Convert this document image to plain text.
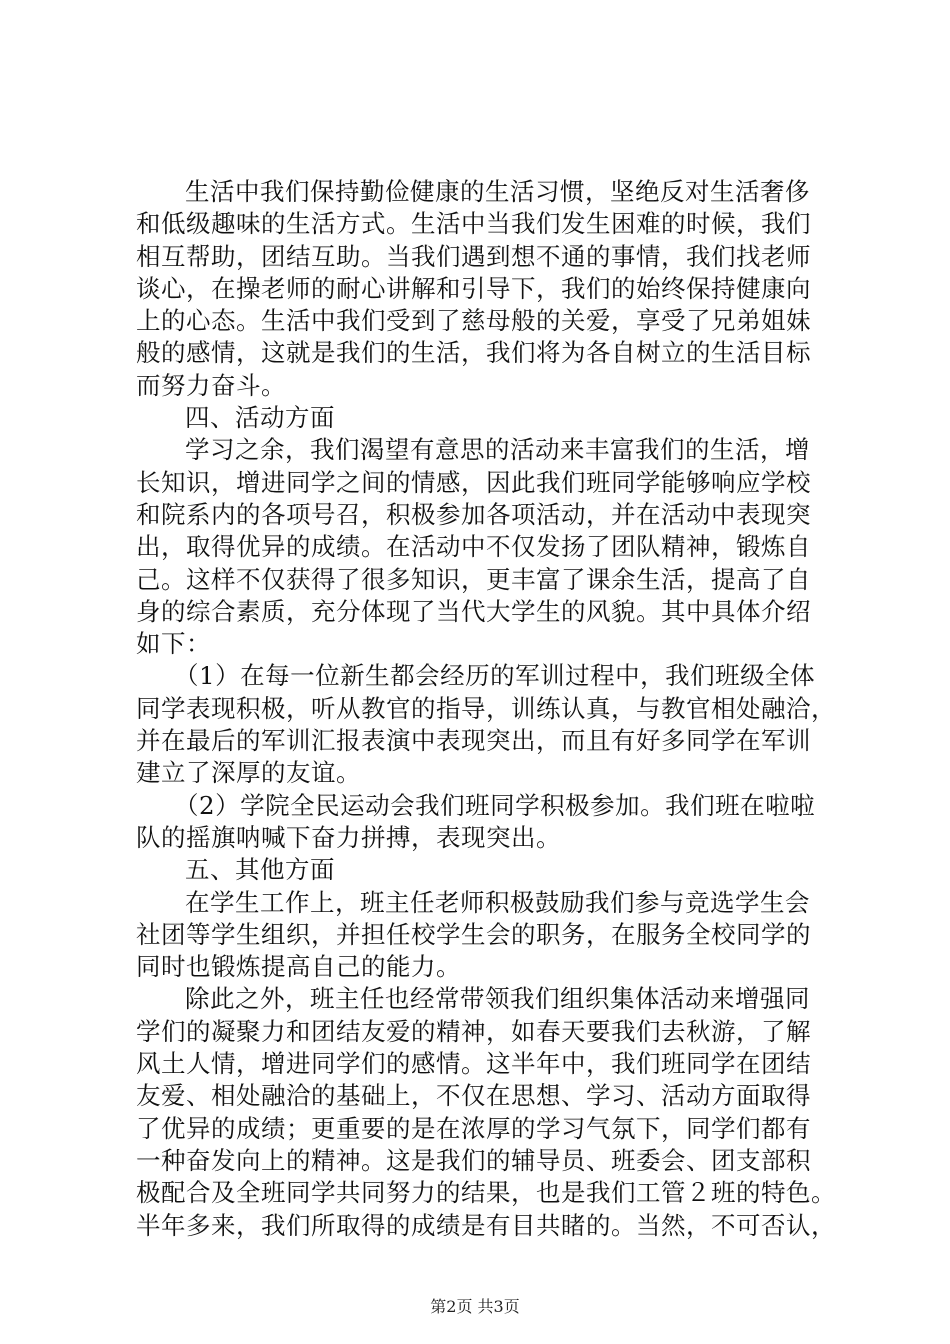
生活中我们保持勤俭健康的生活习惯，坚绝反对生活奢侈
和低级趣味的生活方式。生活中当我们发生困难的时候，我们
相互帮助，团结互助。当我们遇到想不通的事情，我们找老师
谈心，在操老师的耐心讲解和引导下，我们的始终保持健康向
上的心态。生活中我们受到了慈母般的关爱，享受了兄弟姐妹
般的感情，这就是我们的生活，我们将为各自树立的生活目标
而努力奋斗。
四、活动方面
学习之余，我们渴望有意思的活动来丰富我们的生活，增
长知识，增进同学之间的情感，因此我们班同学能够响应学校
和院系内的各项号召，积极参加各项活动，并在活动中表现突
出，取得优异的成绩。在活动中不仅发扬了团队精神，锻炼自
己。这样不仅获得了很多知识，更丰富了课余生活，提高了自
身的综合素质，充分体现了当代大学生的风貌。其中具体介绍
如下：
（1）在每一位新生都会经历的军训过程中，我们班级全体
同学表现积极，听从教官的指导，训练认真，与教官相处融洽，
并在最后的军训汇报表演中表现突出，而且有好多同学在军训
建立了深厚的友谊。
（2）学院全民运动会我们班同学积极参加。我们班在啦啦
队的摇旗呐喊下奋力拼搏，表现突出。
五、其他方面
在学生工作上，班主任老师积极鼓励我们参与竞选学生会
社团等学生组织，并担任校学生会的职务，在服务全校同学的
同时也锻炼提高自己的能力。
除此之外，班主任也经常带领我们组织集体活动来增强同
学们的凝聚力和团结友爱的精神，如春天要我们去秋游，了解
风土人情，增进同学们的感情。这半年中，我们班同学在团结
友爱、相处融洽的基础上，不仅在思想、学习、活动方面取得
了优异的成绩；更重要的是在浓厚的学习气氛下，同学们都有
一种奋发向上的精神。这是我们的辅导员、班委会、团支部积
极配合及全班同学共同努力的结果，也是我们工管２班的特色。
半年多来，我们所取得的成绩是有目共睹的。当然，不可否认，
第2页 共3页
